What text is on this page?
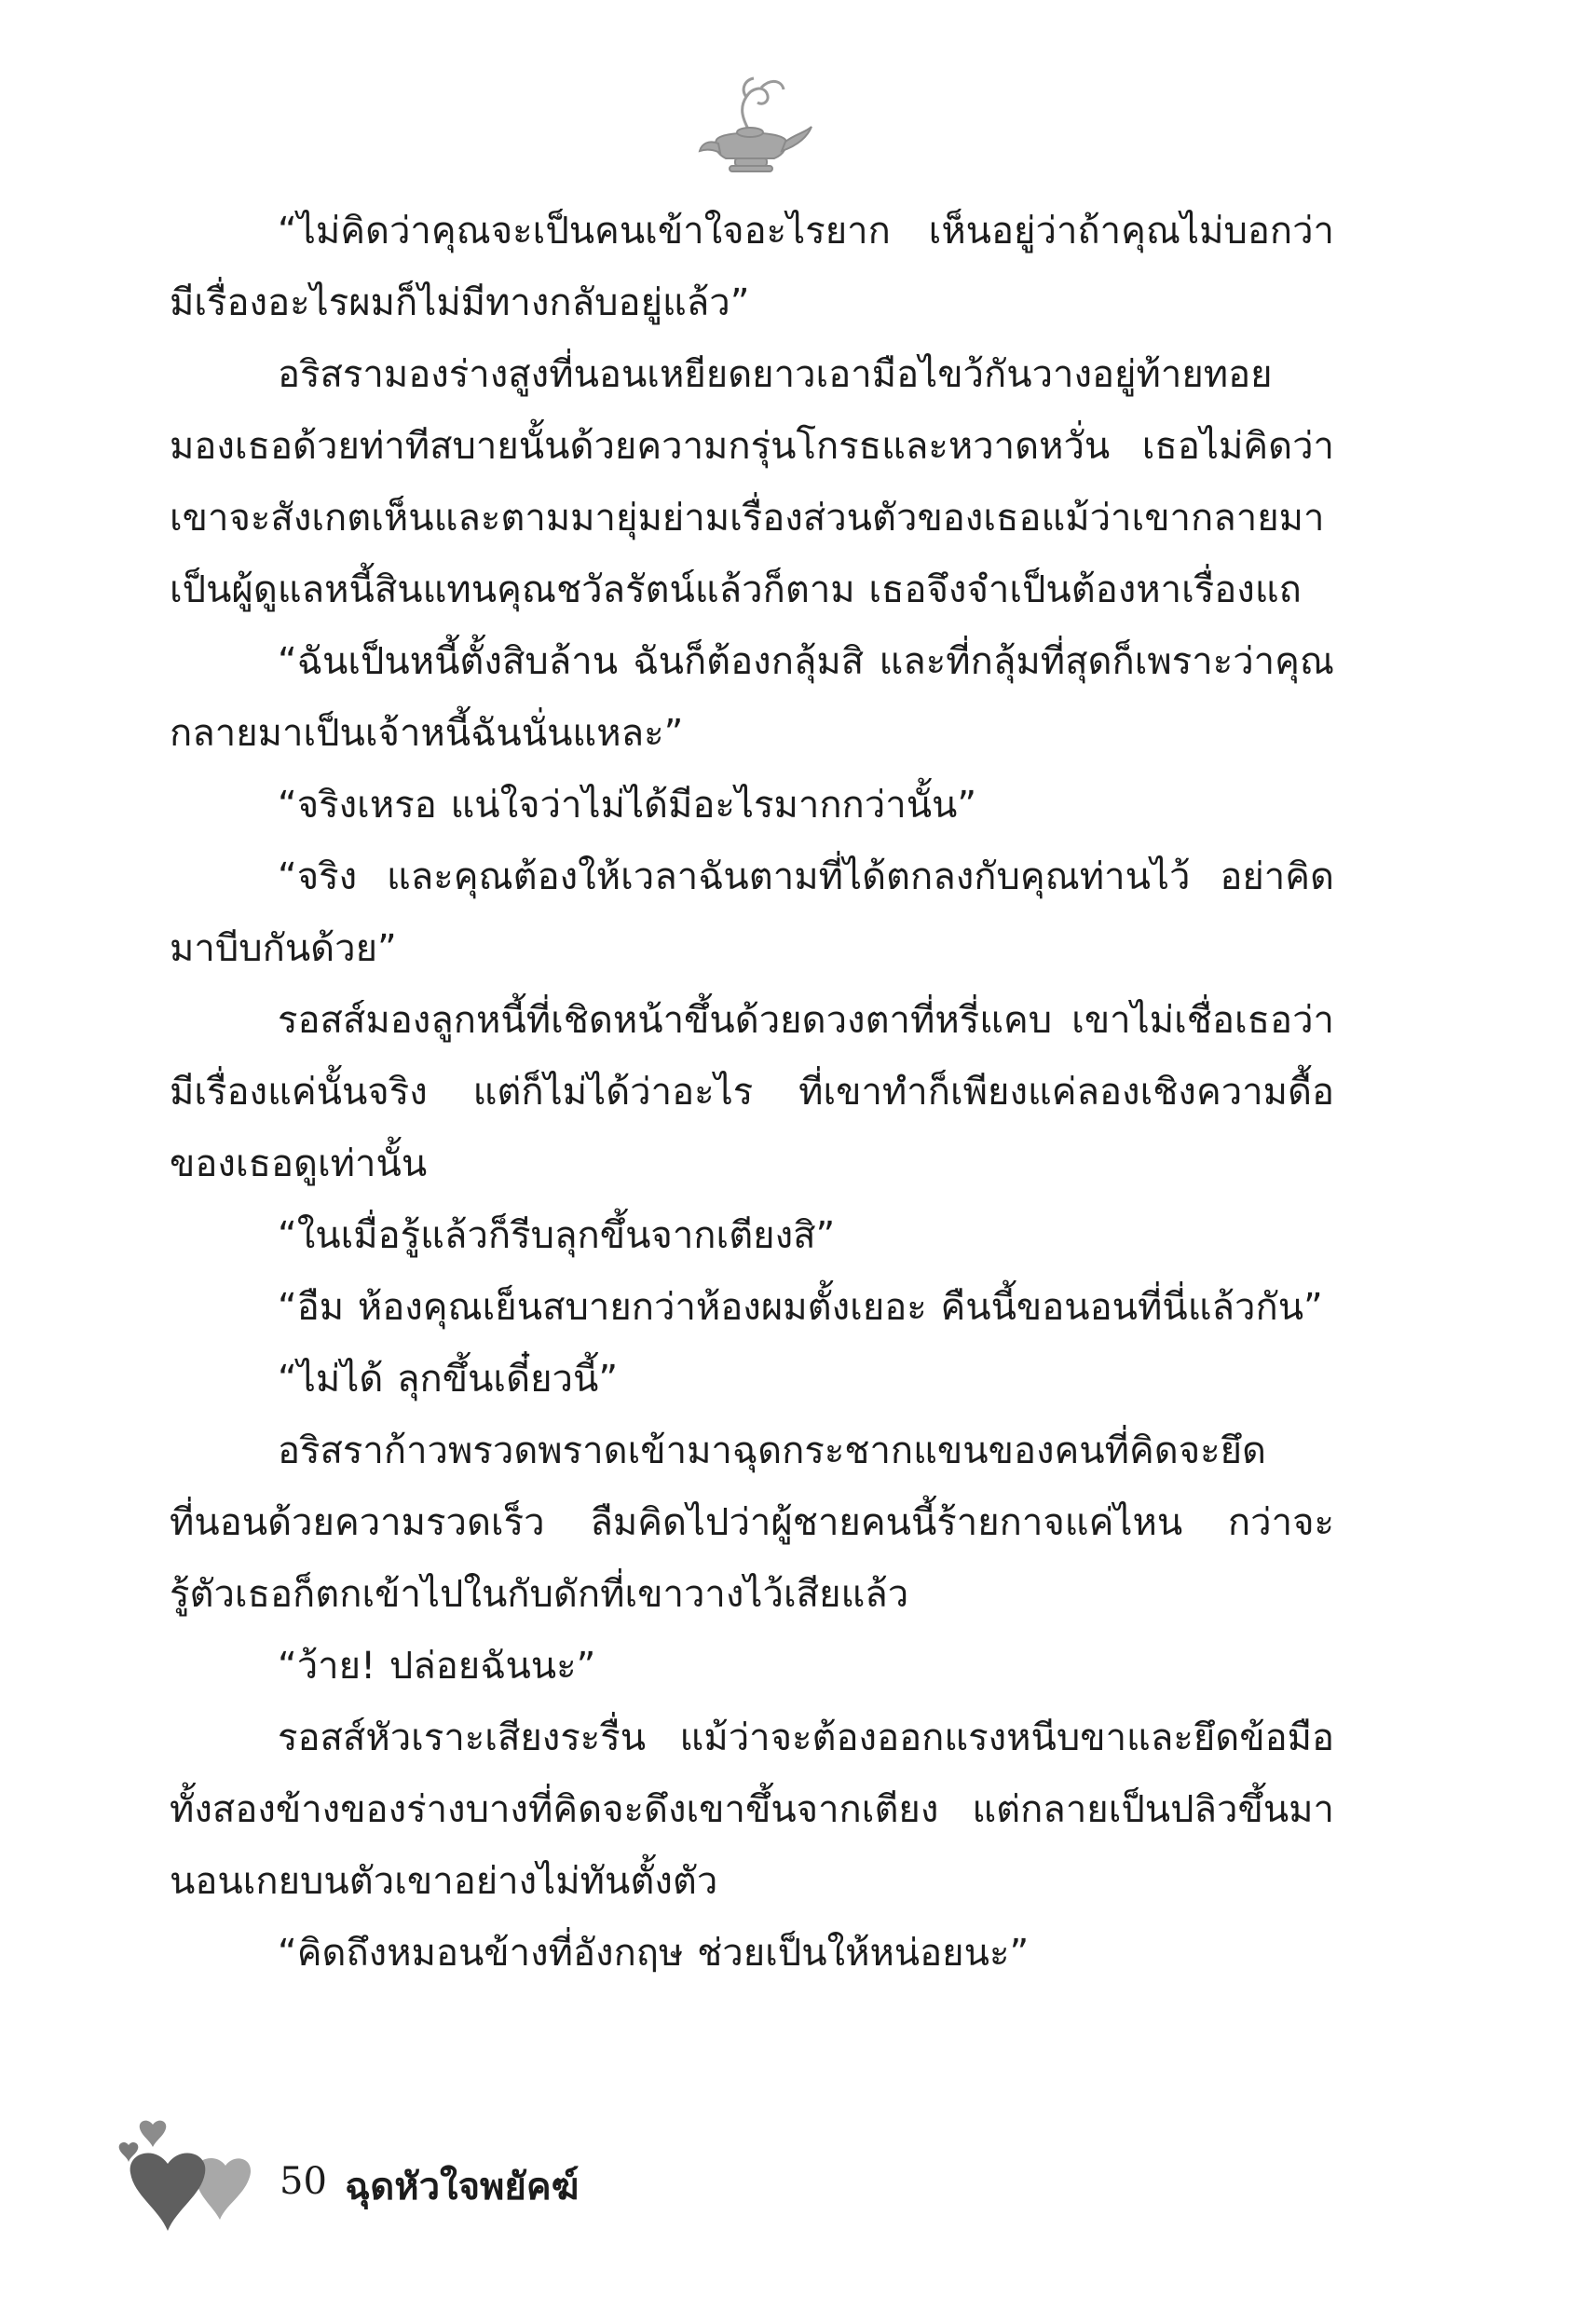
“ไม่คิดว่าคุณจะเป็นคนเข้าใจอะไรยาก เห็นอยู่ว่าถ้าคุณไม่บอกว่ามีเรื่องอะไรผมก็ไม่มีทางกลับอยู่แล้ว”

อริสรามองร่างสูงที่นอนเหยียดยาวเอามือไขว้กันวางอยู่ท้ายทอยมองเธอด้วยท่าทีสบายนั้นด้วยความกรุ่นโกรธและหวาดหวั่น เธอไม่คิดว่าเขาจะสังเกตเห็นและตามมายุ่มย่ามเรื่องส่วนตัวของเธอแม้ว่าเขากลายมาเป็นผู้ดูแลหนี้สินแทนคุณชวัลรัตน์แล้วก็ตาม เธอจึงจำเป็นต้องหาเรื่องแถ

“ฉันเป็นหนี้ตั้งสิบล้าน ฉันก็ต้องกลุ้มสิ และที่กลุ้มที่สุดก็เพราะว่าคุณกลายมาเป็นเจ้าหนี้ฉันนั่นแหละ”

“จริงเหรอ แน่ใจว่าไม่ได้มีอะไรมากกว่านั้น”

“จริง และคุณต้องให้เวลาฉันตามที่ได้ตกลงกับคุณท่านไว้ อย่าคิดมาบีบกันด้วย”

รอสส์มองลูกหนี้ที่เชิดหน้าขึ้นด้วยดวงตาที่หรี่แคบ เขาไม่เชื่อเธอว่ามีเรื่องแค่นั้นจริง แต่ก็ไม่ได้ว่าอะไร ที่เขาทำก็เพียงแค่ลองเชิงความดื้อของเธอดูเท่านั้น

“ในเมื่อรู้แล้วก็รีบลุกขึ้นจากเตียงสิ”

“อืม ห้องคุณเย็นสบายกว่าห้องผมตั้งเยอะ คืนนี้ขอนอนที่นี่แล้วกัน”

“ไม่ได้ ลุกขึ้นเดี๋ยวนี้”

อริสราก้าวพรวดพราดเข้ามาฉุดกระชากแขนของคนที่คิดจะยึดที่นอนด้วยความรวดเร็ว ลืมคิดไปว่าผู้ชายคนนี้ร้ายกาจแค่ไหน กว่าจะรู้ตัวเธอก็ตกเข้าไปในกับดักที่เขาวางไว้เสียแล้ว

“ว้าย! ปล่อยฉันนะ”

รอสส์หัวเราะเสียงระรื่น แม้ว่าจะต้องออกแรงหนีบขาและยึดข้อมือทั้งสองข้างของร่างบางที่คิดจะดึงเขาขึ้นจากเตียง แต่กลายเป็นปลิวขึ้นมานอนเกยบนตัวเขาอย่างไม่ทันตั้งตัว

“คิดถึงหมอนข้างที่อังกฤษ ช่วยเป็นให้หน่อยนะ”

50 ฉุดหัวใจพยัคฆ์
